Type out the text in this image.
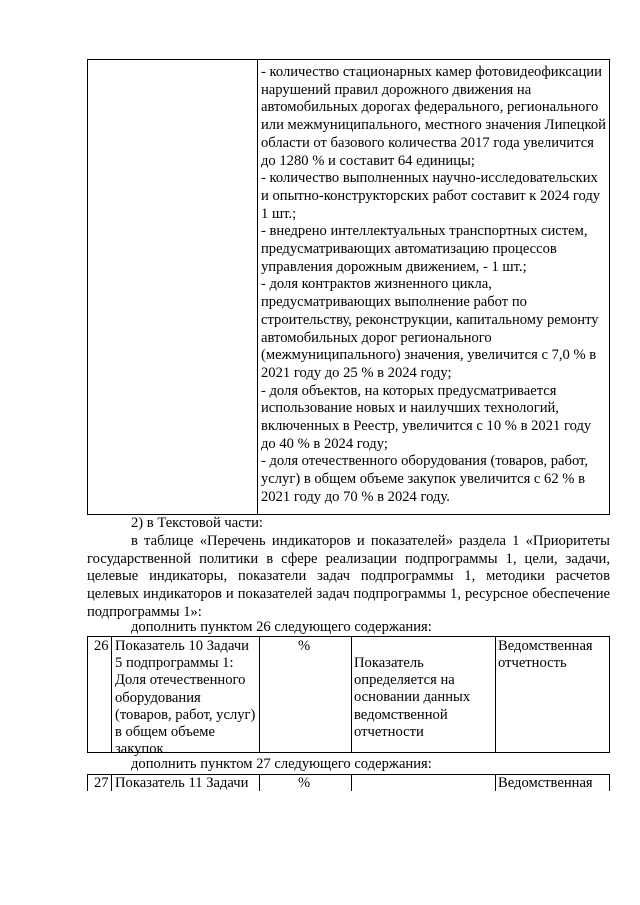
- количество стационарных камер фотовидеофиксации нарушений правил дорожного движения на автомобильных дорогах федерального, регионального или межмуниципального, местного значения Липецкой области от базового количества 2017 года увеличится до 1280 % и составит 64 единицы;

- количество выполненных научно-исследовательских и опытно-конструкторских работ составит к 2024 году 1 шт.;

- внедрено интеллектуальных транспортных систем, предусматривающих автоматизацию процессов управления дорожным движением, - 1 шт.;

- доля контрактов жизненного цикла, предусматривающих выполнение работ по строительству, реконструкции, капитальному ремонту автомобильных дорог регионального (межмуниципального) значения, увеличится с 7,0 % в 2021 году до 25 % в 2024 году;

- доля объектов, на которых предусматривается использование новых и наилучших технологий, включенных в Реестр, увеличится с 10 % в 2021 году до 40 % в 2024 году;

- доля отечественного оборудования (товаров, работ, услуг) в общем объеме закупок увеличится с 62 % в 2021 году до 70 % в 2024 году.

2) в Текстовой части:
в таблице «Перечень индикаторов и показателей» раздела 1 «Приоритеты государственной политики в сфере реализации подпрограммы 1, цели, задачи, целевые индикаторы, показатели задач подпрограммы 1, методики расчетов целевых индикаторов и показателей задач подпрограммы 1, ресурсное обеспечение подпрограммы 1»:
дополнить пунктом 26 следующего содержания:
26 Показатель 10 Задачи 5 подпрограммы 1: Доля отечественного оборудования (товаров, работ, услуг) в общем объеме закупок
%
Показатель определяется на основании данных ведомственной отчетности
Ведомственная отчетность
дополнить пунктом 27 следующего содержания:
27 Показатель 11 Задачи	%	Ведомственная
